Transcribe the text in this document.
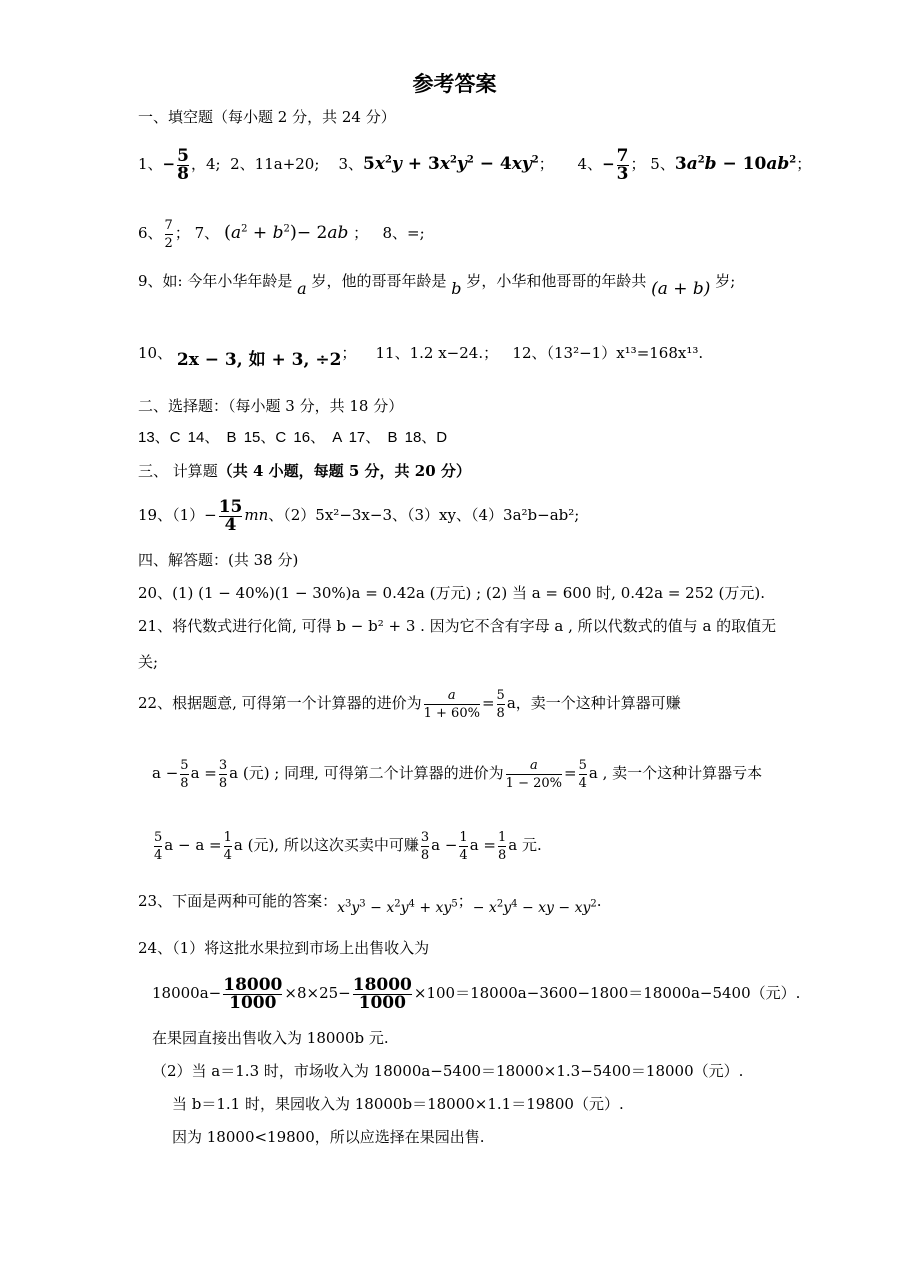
参考答案
一、填空题（每小题 2 分，共 24 分）
1、− $\frac{5}{8}$ ，4; 2、11a+20; 3、$5x^2y + 3x^2y^2 - 4xy^2$；     4、− $\frac{7}{3}$ ； 5、$3a^2b - 10ab^2$；
6、 $\frac{7}{2}$ ； 7、 $(a^2 + b^2)- 2ab$ ； 8、=;
9、如: 今年小华年龄是 a 岁，他的哥哥年龄是 b 岁，小华和他哥哥的年龄共 (a + b) 岁;
10、 2x − 3, 如 + 3, ÷2； 11、1.2 x−24.； 12、（13²−1）x¹³=168x¹³.
二、选择题：（每小题 3 分，共 18 分）
13、C 14、 B 15、C 16、 A 17、 B 18、D
三、 计算题（共 4 小题，每题 5 分，共 20 分）
19、$(1)- \frac{15}{4}$ mn、（2）5x²−3x−3、（3）xy、（4）3a²b−ab²;
四、解答题：(共 38 分)
20、(1) (1 − 40%)(1 − 30%)a = 0.42a (万元) ; (2) 当 a = 600 时, 0.42a = 252 (万元).
21、将代数式进行化简, 可得 b − b² + 3 . 因为它不含有字母 a , 所以代数式的值与 a 的取值无
关;
22、根据题意, 可得第一个计算器的进价为 $\frac{a}{1 + 60\%} = \frac{5}{8}$ a，卖一个这种计算器可赚
$a - \frac{5}{8}$ $a = \frac{3}{8}$ a (元) ; 同理, 可得第二个计算器的进价为 $\frac{a}{1 - 20\%} = \frac{5}{4}$ a , 卖一个这种计算器亏本
$\frac{5}{4}$ $a - a = \frac{1}{4}$ a (元), 所以这次买卖中可赚 $\frac{3}{8}$ $a - \frac{1}{4}$ $a = \frac{1}{8}$ a 元.
23、下面是两种可能的答案：$x^3y^3 - x^2y^4 + xy^5$；− $x^2y^4$ − xy − $xy^2$.
24、（1）将这批水果拉到市场上出售收入为
$18000a- \frac{18000}{1000} \times 8\times 25- \frac{18000}{1000} \times 100=18000a-3600-1800=18000a-5400$（元）.
在果园直接出售收入为 18000b 元.
（2）当 a＝1.3 时，市场收入为 18000a−5400＝18000×1.3−5400＝18000（元）.
当 b＝1.1 时，果园收入为 18000b＝18000×1.1＝19800（元）.
因为 18000<19800，所以应选择在果园出售.
